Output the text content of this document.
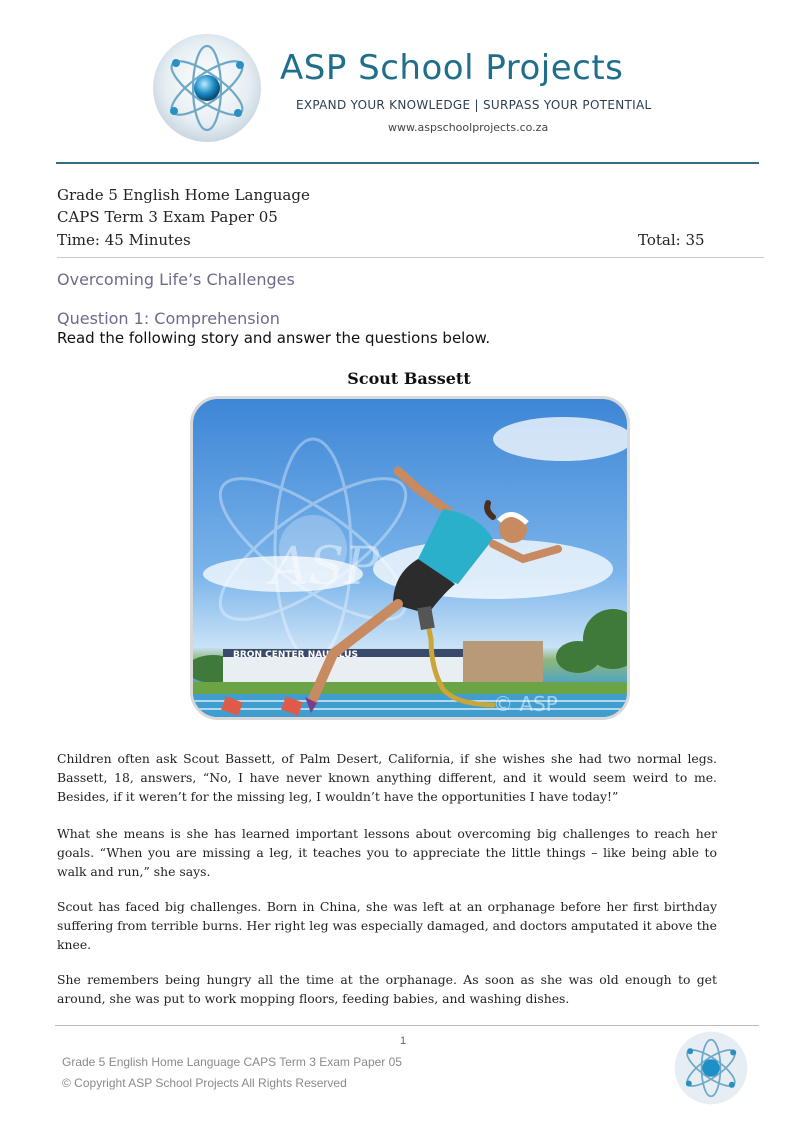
ASP School Projects
EXPAND YOUR KNOWLEDGE | SURPASS YOUR POTENTIAL
www.aspschoolprojects.co.za
Grade 5 English Home Language
CAPS Term 3 Exam Paper 05
Time: 45 Minutes	Total: 35
Overcoming Life’s Challenges
Question 1: Comprehension
Read the following story and answer the questions below.
Scout Bassett
ASP
BRON CENTER NAUTILUS
© ASP

Children often ask Scout Bassett, of Palm Desert, California, if she wishes she had two normal legs. Bassett, 18, answers, “No, I have never known anything different, and it would seem weird to me. Besides, if it weren’t for the missing leg, I wouldn’t have the opportunities I have today!”

What she means is she has learned important lessons about overcoming big challenges to reach her goals. “When you are missing a leg, it teaches you to appreciate the little things – like being able to walk and run,” she says.

Scout has faced big challenges. Born in China, she was left at an orphanage before her first birthday suffering from terrible burns. Her right leg was especially damaged, and doctors amputated it above the knee.

She remembers being hungry all the time at the orphanage. As soon as she was old enough to get around, she was put to work mopping floors, feeding babies, and washing dishes.

1
Grade 5 English Home Language CAPS Term 3 Exam Paper 05
© Copyright ASP School Projects All Rights Reserved
